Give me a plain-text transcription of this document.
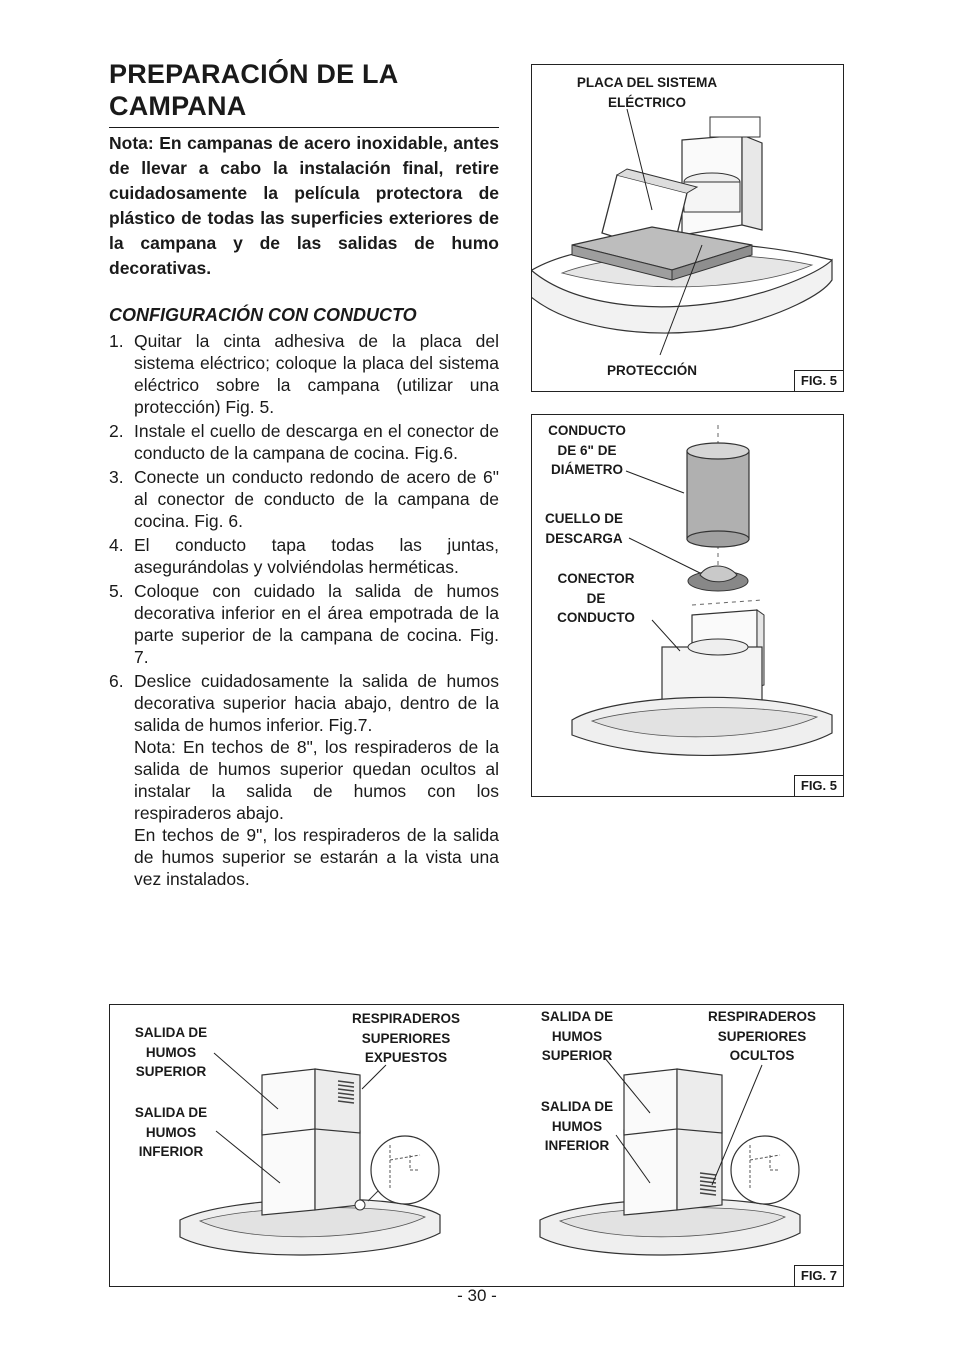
PREPARACIÓN DE LA CAMPANA

Nota: En campanas de acero inoxidable, antes de llevar a cabo la instalación final, retire cuidadosamente la película protectora de plástico de todas las superficies exteriores de la campana y de las salidas de humo decorativas.

CONFIGURACIÓN CON CONDUCTO

1. Quitar la cinta adhesiva de la placa del sistema eléctrico; coloque la placa del sistema eléctrico sobre la campana (utilizar una protección) Fig. 5.

2. Instale el cuello de descarga en el conector de conducto de la campana de cocina. Fig.6.

3. Conecte un conducto redondo de acero de 6" al conector de conducto de la campana de cocina. Fig. 6.

4. El conducto tapa todas las juntas, asegurándolas y volviéndolas herméticas.

5. Coloque con cuidado la salida de humos decorativa inferior en el área empotrada de la parte superior de la campana de cocina. Fig. 7.

6. Deslice cuidadosamente la salida de humos decorativa superior hacia abajo, dentro de la salida de humos inferior. Fig.7.

Nota: En techos de 8", los respiraderos de la salida de humos superior quedan ocultos al instalar la salida de humos con los respiraderos abajo.

En techos de 9", los respiraderos de la salida de humos superior se estarán a la vista una vez instalados.

PLACA DEL SISTEMA
ELÉCTRICO
PROTECCIÓN
FIG. 5
CONDUCTO
DE 6" DE
DIÁMETRO
CUELLO DE
DESCARGA
CONECTOR
DE
CONDUCTO
FIG. 5
SALIDA DE
HUMOS
SUPERIOR
SALIDA DE
HUMOS
INFERIOR
RESPIRADEROS
SUPERIORES
EXPUESTOS
SALIDA DE
HUMOS
SUPERIOR
SALIDA DE
HUMOS
INFERIOR
RESPIRADEROS
SUPERIORES
OCULTOS
FIG. 7
- 30 -
